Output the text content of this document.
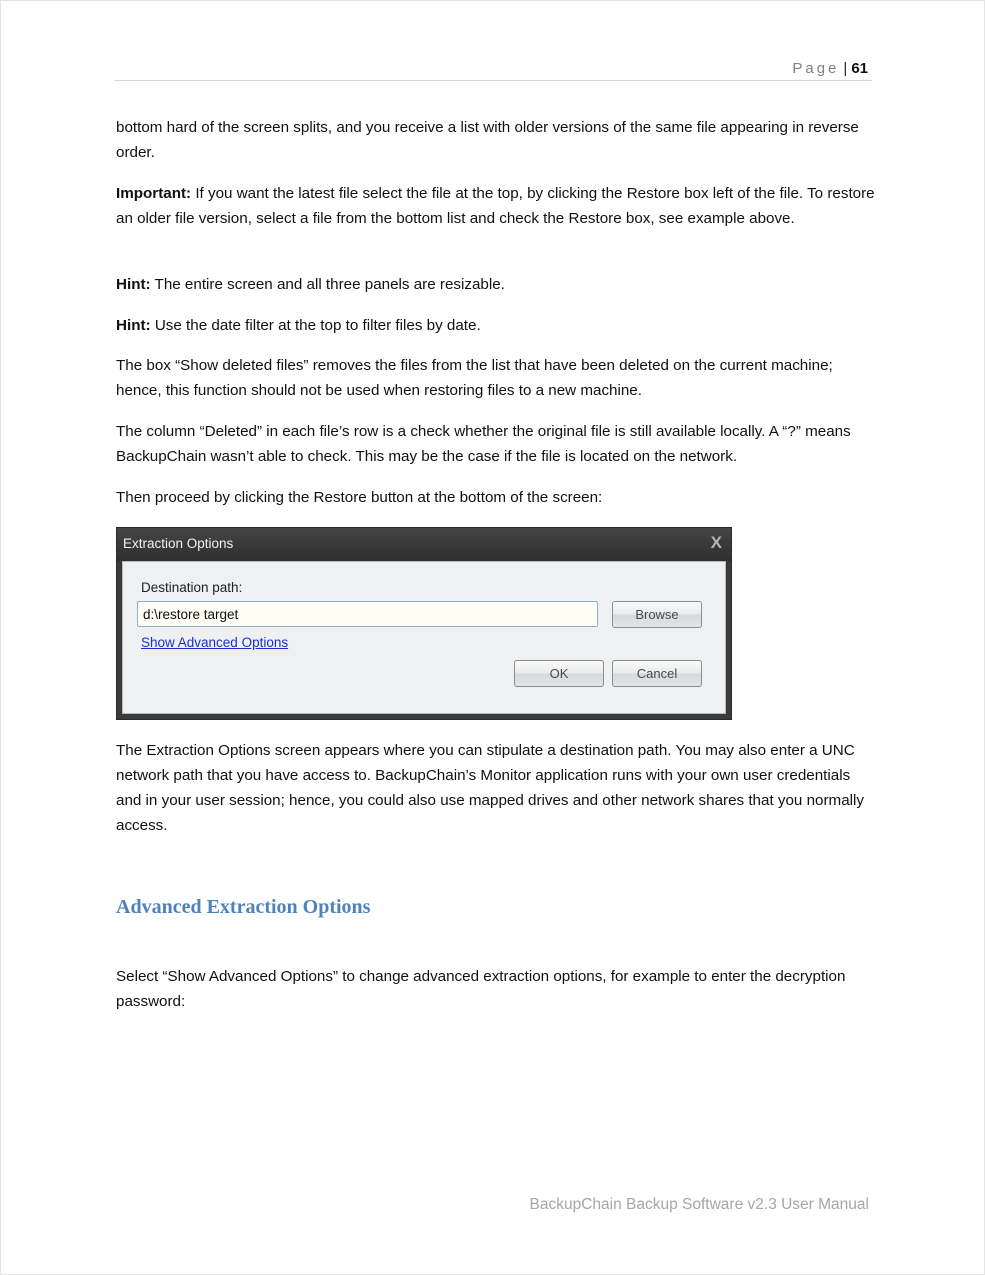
Page | 61

bottom hard of the screen splits, and you receive a list with older versions of the same file appearing in reverse order.

Important: If you want the latest file select the file at the top, by clicking the Restore box left of the file. To restore an older file version, select a file from the bottom list and check the Restore box, see example above.

Hint: The entire screen and all three panels are resizable.

Hint: Use the date filter at the top to filter files by date.

The box “Show deleted files” removes the files from the list that have been deleted on the current machine; hence, this function should not be used when restoring files to a new machine.

The column “Deleted” in each file’s row is a check whether the original file is still available locally. A “?” means BackupChain wasn’t able to check. This may be the case if the file is located on the network.

Then proceed by clicking the Restore button at the bottom of the screen:

Extraction Options	X
Destination path:
d:\restore target
Browse
Show Advanced Options
OK	Cancel

The Extraction Options screen appears where you can stipulate a destination path. You may also enter a UNC network path that you have access to. BackupChain’s Monitor application runs with your own user credentials and in your user session; hence, you could also use mapped drives and other network shares that you normally access.

Advanced Extraction Options

Select “Show Advanced Options” to change advanced extraction options, for example to enter the decryption password:

BackupChain Backup Software v2.3 User Manual
